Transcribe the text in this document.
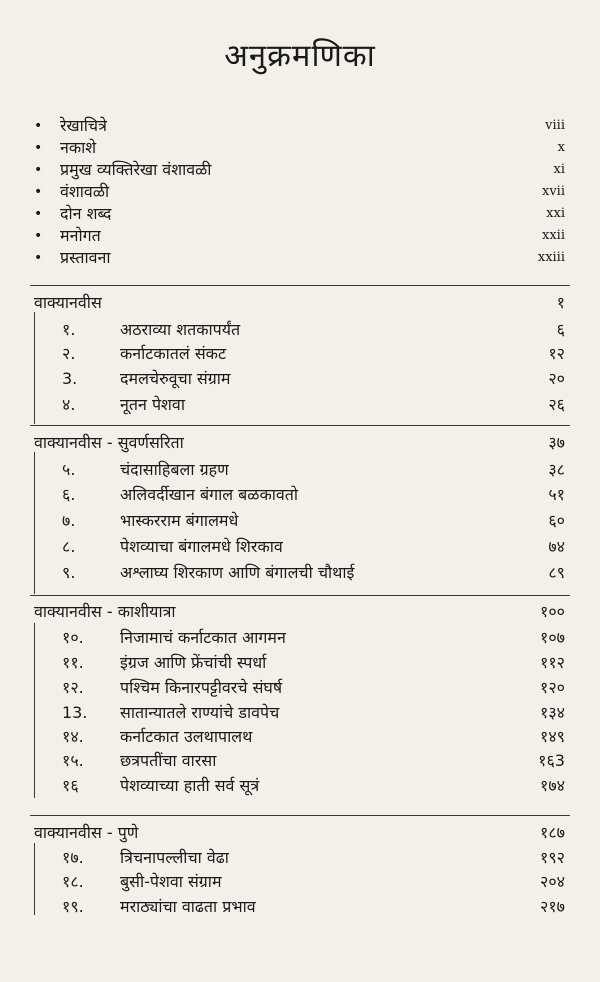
अनुक्रमणिका
• रेखाचित्रे	viii
• नकाशे	x
• प्रमुख व्यक्तिरेखा वंशावळी	xi
• वंशावळी	xvii
• दोन शब्द	xxi
• मनोगत	xxii
• प्रस्तावना	xxiii
वाक्यानवीस	१
१.	अठराव्या शतकापर्यंत	६
२.	कर्नाटकातलं संकट	१२
3.	दमलचेरुवूचा संग्राम	२०
४.	नूतन पेशवा	२६
वाक्यानवीस - सुवर्णसरिता	३७
५.	चंदासाहिबला ग्रहण	३८
६.	अलिवर्दीखान बंगाल बळकावतो	५१
७.	भास्करराम बंगालमधे	६०
८.	पेशव्याचा बंगालमधे शिरकाव	७४
९.	अश्लाघ्य शिरकाण आणि बंगालची चौथाई	८९
वाक्यानवीस - काशीयात्रा	१००
१०.	निजामाचं कर्नाटकात आगमन	१०७
११.	इंग्रज आणि फ्रेंचांची स्पर्धा	११२
१२.	पश्चिम किनारपट्टीवरचे संघर्ष	१२०
13.	सातान्यातले राण्यांचे डावपेच	१३४
१४.	कर्नाटकात उलथापालथ	१४९
१५.	छत्रपतींचा वारसा	१६3
१६	पेशव्याच्या हाती सर्व सूत्रं	१७४
वाक्यानवीस - पुणे	१८७
१७.	त्रिचनापल्लीचा वेढा	१९२
१८.	बुसी-पेशवा संग्राम	२०४
१९.	मराठ्यांचा वाढता प्रभाव	२१७
